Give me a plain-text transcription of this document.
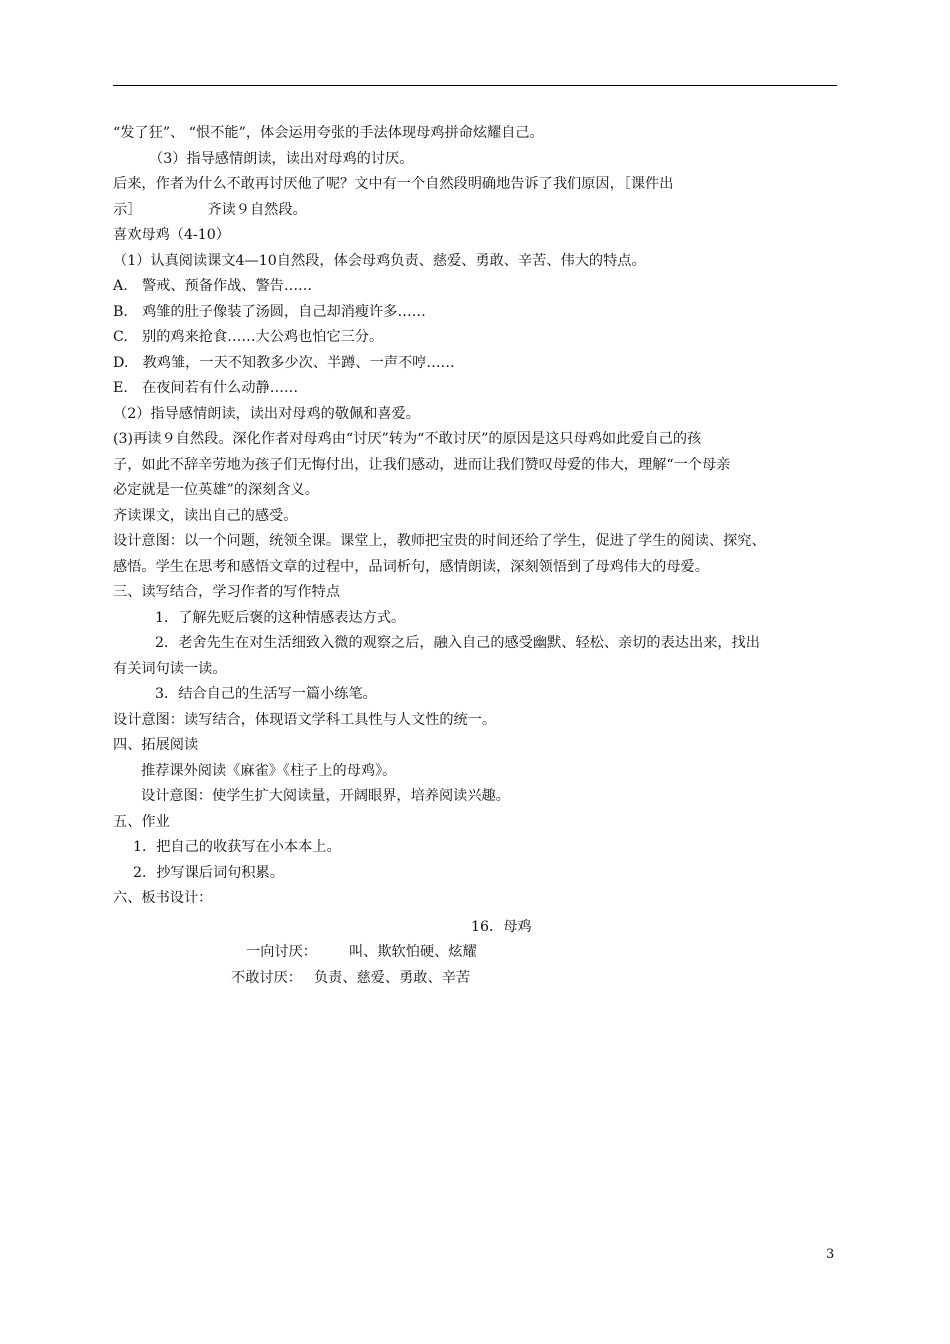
“发了狂”、 “恨不能”，体会运用夸张的手法体现母鸡拼命炫耀自己。
（3）指导感情朗读，读出对母鸡的讨厌。
后来，作者为什么不敢再讨厌他了呢？文中有一个自然段明确地告诉了我们原因，［课件出
示］	齐读９自然段。
喜欢母鸡（4-10）
（1）认真阅读课文4—10自然段，体会母鸡负责、慈爱、勇敢、辛苦、伟大的特点。
A.　警戒、预备作战、警告……
B.　鸡雏的肚子像装了汤圆，自己却消瘦许多……
C.　别的鸡来抢食……大公鸡也怕它三分。
D.　教鸡雏，一天不知教多少次、半蹲、一声不哼……
E.　在夜间若有什么动静……
（2）指导感情朗读，读出对母鸡的敬佩和喜爱。
(3)再读９自然段。深化作者对母鸡由“讨厌”转为“不敢讨厌”的原因是这只母鸡如此爱自己的孩
子，如此不辞辛劳地为孩子们无悔付出，让我们感动，进而让我们赞叹母爱的伟大，理解“一个母亲
必定就是一位英雄”的深刻含义。
齐读课文，读出自己的感受。
设计意图：以一个问题，统领全课。课堂上，教师把宝贵的时间还给了学生，促进了学生的阅读、探究、
感悟。学生在思考和感悟文章的过程中，品词析句，感情朗读，深刻领悟到了母鸡伟大的母爱。
三、读写结合，学习作者的写作特点
1．了解先贬后褒的这种情感表达方式。
2．老舍先生在对生活细致入微的观察之后，融入自己的感受幽默、轻松、亲切的表达出来，找出
有关词句读一读。
3．结合自己的生活写一篇小练笔。
设计意图：读写结合，体现语文学科工具性与人文性的统一。
四、拓展阅读
推荐课外阅读《麻雀》《柱子上的母鸡》。
设计意图：使学生扩大阅读量，开阔眼界，培养阅读兴趣。
五、作业
1．把自己的收获写在小本本上。
2．抄写课后词句积累。
六、板书设计：
16．母鸡
一向讨厌： 叫、欺软怕硬、炫耀
不敢讨厌： 负责、慈爱、勇敢、辛苦
3
